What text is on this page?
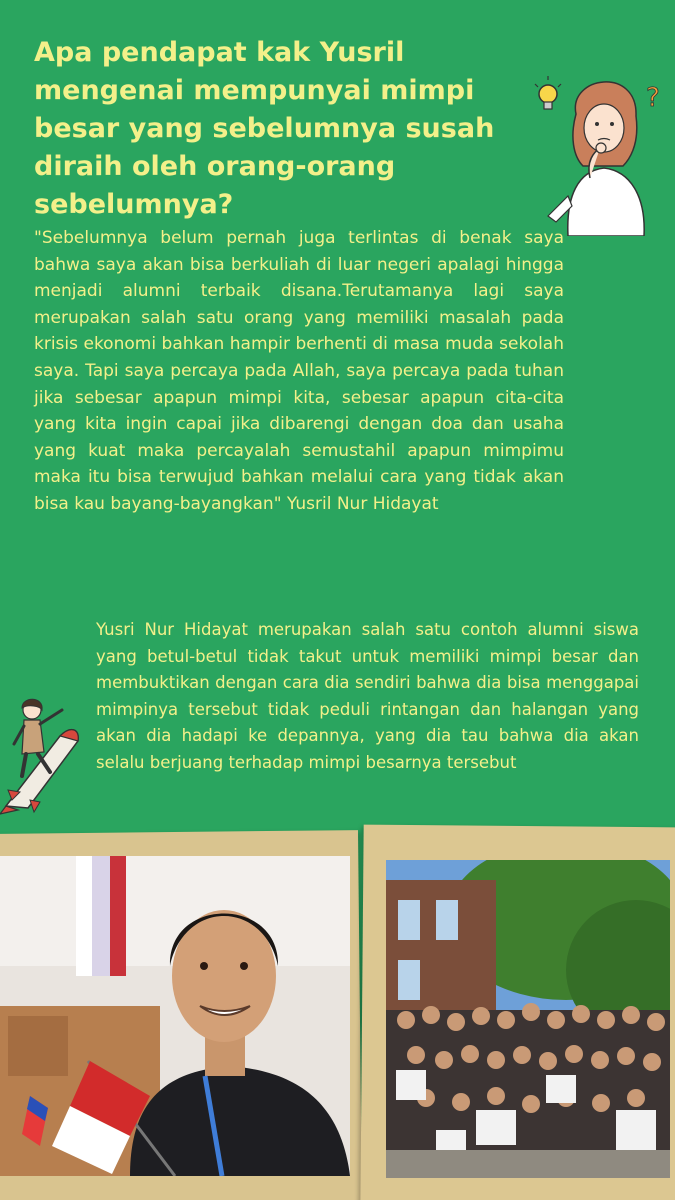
Apa pendapat kak Yusril mengenai mempunyai mimpi besar yang sebelumnya susah diraih oleh orang-orang sebelumnya?
?

"Sebelumnya belum pernah juga terlintas di benak saya bahwa saya akan bisa berkuliah di luar negeri apalagi hingga menjadi alumni terbaik disana.Terutamanya lagi saya merupakan salah satu orang yang memiliki masalah pada krisis ekonomi bahkan hampir berhenti di masa muda sekolah saya. Tapi saya percaya pada Allah, saya percaya pada tuhan jika sebesar apapun mimpi kita, sebesar apapun cita-cita yang kita ingin capai jika dibarengi dengan doa dan usaha yang kuat maka percayalah semustahil apapun mimpimu maka itu bisa terwujud bahkan melalui cara yang tidak akan bisa kau bayang-bayangkan" Yusril Nur Hidayat

Yusri Nur Hidayat merupakan salah satu contoh alumni siswa yang betul-betul tidak takut untuk memiliki mimpi besar dan membuktikan dengan cara dia sendiri bahwa dia bisa menggapai mimpinya tersebut tidak peduli rintangan dan halangan yang akan dia hadapi ke depannya, yang dia tau bahwa dia akan selalu berjuang terhadap mimpi besarnya tersebut
